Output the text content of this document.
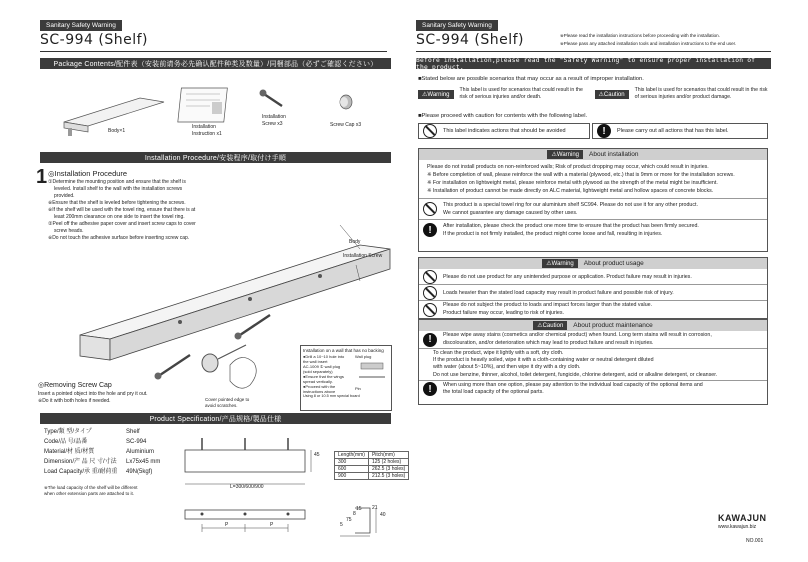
Sanitary Safety Warning
SC-994 (Shelf)
Package Contents/配件表（安装前请务必先确认配件种类及数量）/同梱部品（必ずご確認ください）
Body×1
Installation Instruction x1
Installation Screw x3	Screw Cap x3
Installation Procedure/安装程序/取付け手順
1 ◎Installation Procedure
①Determine the mounting position and ensure that the shelf is
leveled. Install shelf to the wall with the installation screws
provided.
※Ensure that the shelf is leveled before tightening the screws.
※If the shelf will be used with the towel ring, ensure that there is at
least 200mm clearance on one side to insert the towel ring.
②Peel off the adhesive paper cover and insert screw caps to cover
screw heads.
※Do not touch the adhesive surface before inserting screw cap.
Body
Installation Screw
Installation on a wall that has no backing
●Drill a 10~10 hole into
the wall insert
AC-1009 ① wall plug
(sold separately)
●Ensure that the wings
spread vertically.
●Proceed with the
instructions above
Wall plug
Pin
Using 8 or 10.5 mm special board
◎Removing Screw Cap
Insert a pointed object into the hole and pry it out.
※Do it with both holes if needed.	Cover pointed edge to avoid scratches.
Product Specification/产品规格/製品仕様
Type/類 型/タイプ	Shelf
Code/品 号/品番	SC-994
Material/材 质/材質	Aluminium
Dimension/产 品 尺 寸/寸法	Lx75x45 mm
Load Capacity/承 重/耐荷重	49N(5kgf)
※The load capacity of the shelf will be different when other extension parts are attached to it.
L=300/600/900
P	P
45
75
40
21
15
8
5
Length(mm)	Pitch(mm)
300	125 (2 holes)
600	262.5 (3 holes)
900	212.5 (3 holes)
Sanitary Safety Warning
SC-994 (Shelf)	※Please read the installation instructions before proceeding with the installation.
※Please pass any attached installation tools and installation instructions to the end user.
Before installation,please read the "Safety Warning" to ensure proper installation of the product.
■Stated below are possible scenarios that may occur as a result of improper installation.
⚠Warning
This label is used for scenarios that could result in the risk of serious injuries and/or death.	⚠Caution
This label is used for scenarios that could result in the risk of serious injuries and/or product damage.
■Please proceed with caution for contents with the following label.
This label indicates actions that should be avoided	!	Please carry out all actions that has this label.
⚠Warning	About installation
Please do not install products on non-reinforced walls; Risk of product dropping may occur, which could result in injuries.
※ Before completion of wall, please reinforce the wall with a material (plywood, etc.) that is 9mm or more for the installation screws.
※ For installation on lightweight metal, please reinforce metal with plywood as the strength of the metal might be insufficient.
※ Installation of product cannot be made directly on ALC material, lightweight metal and hollow spaces of concrete blocks.
This product is a special towel ring for our aluminium shelf SC994. Please do not use it for any other product.
We cannot guarantee any damage caused by other uses.
!	After installation, please check the product one more time to ensure that the product has been firmly secured.
If the product is not firmly installed, the product might come loose and fall, resulting in injuries.
⚠Warning	About product usage
Please do not use product for any unintended purpose or application. Product failure may result in injuries.
Loads heavier than the stated load capacity may result in product failure and possible risk of injury.
Please do not subject the product to loads and impact forces larger than the stated value.
Product failure may occur, leading to risk of injuries.
⚠Caution	About product maintenance
!	Please wipe away stains (cosmetics and/or chemical product) when found. Long term stains will result in corrosion,
discolouration, and/or deterioration which may lead to product failure and result in injuries.
To clean the product, wipe it lightly with a soft, dry cloth.
If the product is heavily soiled, wipe it with a cloth-containing water or neutral detergent diluted
with water (about 5~10%), and then wipe it dry with a dry cloth.
Do not use benzine, thinner, alcohol, toilet detergent, fungicide, chlorine detergent, acid or alkaline detergent, or cleanser.
!	When using more than one option, please pay attention to the individual load capacity of the optional items and
the total load capacity of the optional parts.
KAWAJUN
www.kawajun.biz
NO.001
